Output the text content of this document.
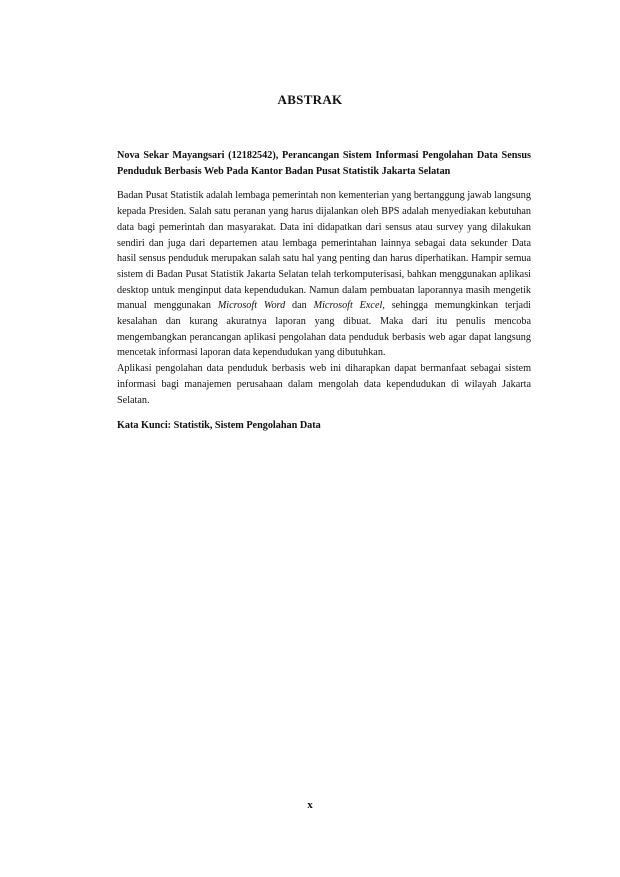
ABSTRAK

Nova Sekar Mayangsari (12182542), Perancangan Sistem Informasi Pengolahan Data Sensus Penduduk Berbasis Web Pada Kantor Badan Pusat Statistik Jakarta Selatan

Badan Pusat Statistik adalah lembaga pemerintah non kementerian yang bertanggung jawab langsung kepada Presiden. Salah satu peranan yang harus dijalankan oleh BPS adalah menyediakan kebutuhan data bagi pemerintah dan masyarakat. Data ini didapatkan dari sensus atau survey yang dilakukan sendiri dan juga dari departemen atau lembaga pemerintahan lainnya sebagai data sekunder Data hasil sensus penduduk merupakan salah satu hal yang penting dan harus diperhatikan. Hampir semua sistem di Badan Pusat Statistik Jakarta Selatan telah terkomputerisasi, bahkan menggunakan aplikasi desktop untuk menginput data kependudukan. Namun dalam pembuatan laporannya masih mengetik manual menggunakan Microsoft Word dan Microsoft Excel, sehingga memungkinkan terjadi kesalahan dan kurang akuratnya laporan yang dibuat. Maka dari itu penulis mencoba mengembangkan perancangan aplikasi pengolahan data penduduk berbasis web agar dapat langsung mencetak informasi laporan data kependudukan yang dibutuhkan.

Aplikasi pengolahan data penduduk berbasis web ini diharapkan dapat bermanfaat sebagai sistem informasi bagi manajemen perusahaan dalam mengolah data kependudukan di wilayah Jakarta Selatan.

Kata Kunci: Statistik, Sistem Pengolahan Data

x
